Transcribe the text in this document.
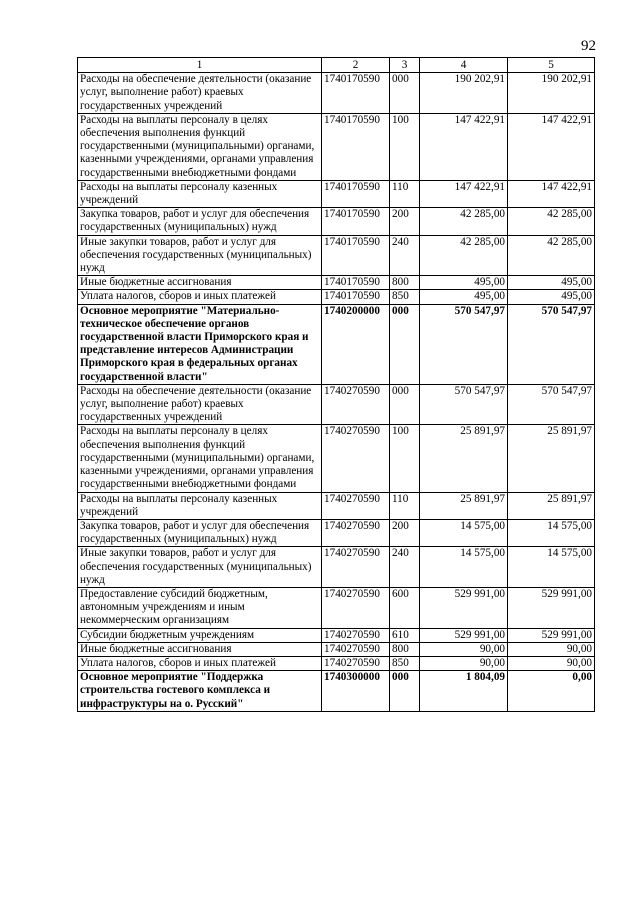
92
1	2	3	4	5
Расходы на обеспечение деятельности (оказание услуг, выполнение работ) краевых государственных учреждений	1740170590	000	190 202,91	190 202,91
Расходы на выплаты персоналу в целях обеспечения выполнения функций государственными (муниципальными) органами, казенными учреждениями, органами управления государственными внебюджетными фондами	1740170590	100	147 422,91	147 422,91
Расходы на выплаты персоналу казенных учреждений	1740170590	110	147 422,91	147 422,91
Закупка товаров, работ и услуг для обеспечения государственных (муниципальных) нужд	1740170590	200	42 285,00	42 285,00
Иные закупки товаров, работ и услуг для обеспечения государственных (муниципальных) нужд	1740170590	240	42 285,00	42 285,00
Иные бюджетные ассигнования	1740170590	800	495,00	495,00
Уплата налогов, сборов и иных платежей	1740170590	850	495,00	495,00
Основное мероприятие "Материально-техническое обеспечение органов государственной власти Приморского края и представление интересов Администрации Приморского края в федеральных органах государственной власти"	1740200000	000	570 547,97	570 547,97
Расходы на обеспечение деятельности (оказание услуг, выполнение работ) краевых государственных учреждений	1740270590	000	570 547,97	570 547,97
Расходы на выплаты персоналу в целях обеспечения выполнения функций государственными (муниципальными) органами, казенными учреждениями, органами управления государственными внебюджетными фондами	1740270590	100	25 891,97	25 891,97
Расходы на выплаты персоналу казенных учреждений	1740270590	110	25 891,97	25 891,97
Закупка товаров, работ и услуг для обеспечения государственных (муниципальных) нужд	1740270590	200	14 575,00	14 575,00
Иные закупки товаров, работ и услуг для обеспечения государственных (муниципальных) нужд	1740270590	240	14 575,00	14 575,00
Предоставление субсидий бюджетным, автономным учреждениям и иным некоммерческим организациям	1740270590	600	529 991,00	529 991,00
Субсидии бюджетным учреждениям	1740270590	610	529 991,00	529 991,00
Иные бюджетные ассигнования	1740270590	800	90,00	90,00
Уплата налогов, сборов и иных платежей	1740270590	850	90,00	90,00
Основное мероприятие "Поддержка строительства гостевого комплекса и инфраструктуры на о. Русский"	1740300000	000	1 804,09	0,00
